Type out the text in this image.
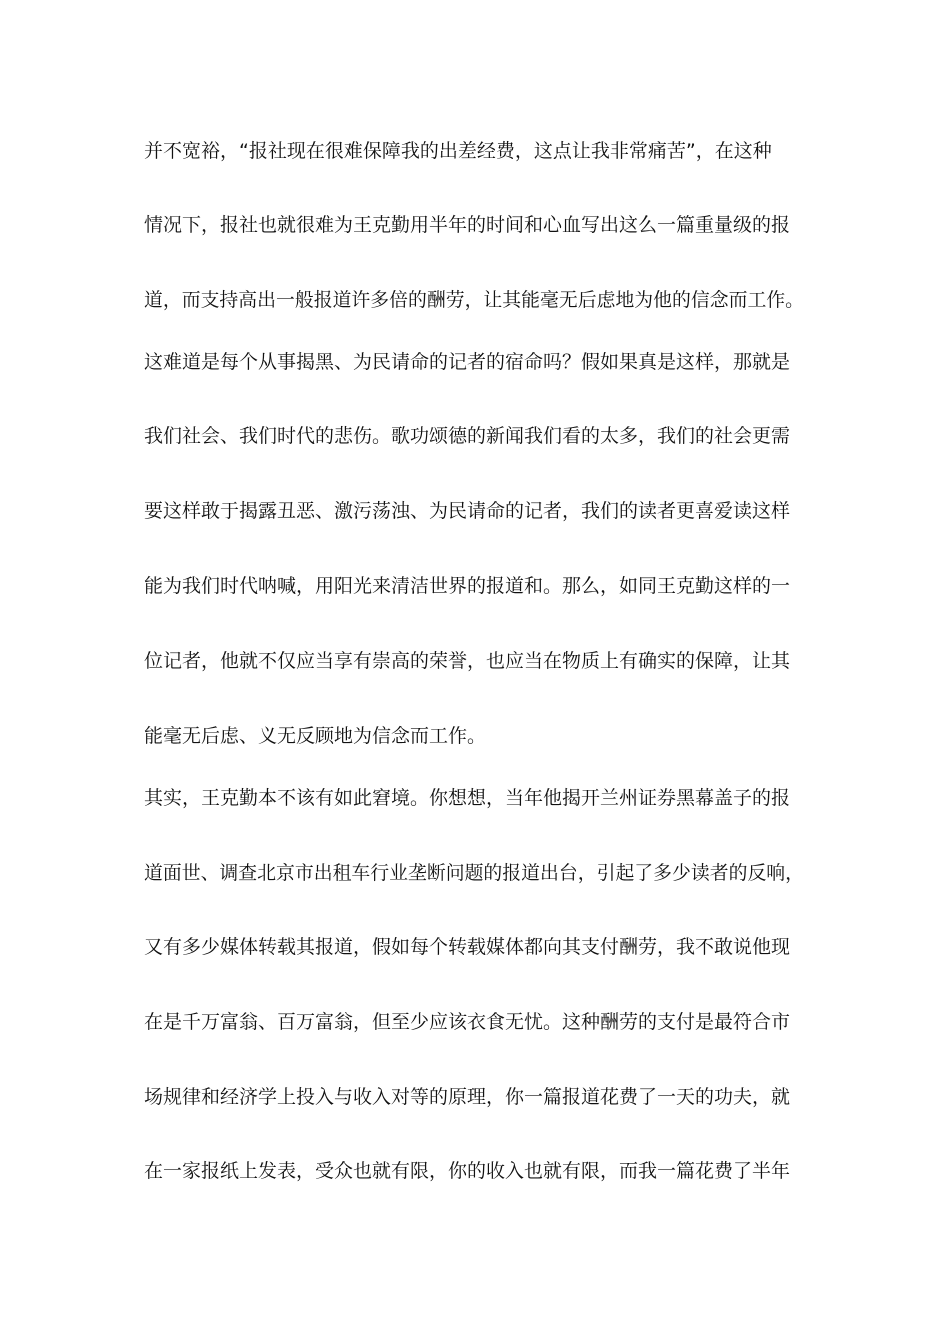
并不宽裕，“报社现在很难保障我的出差经费，这点让我非常痛苦”，在这种
情况下，报社也就很难为王克勤用半年的时间和心血写出这么一篇重量级的报
道，而支持高出一般报道许多倍的酬劳，让其能毫无后虑地为他的信念而工作。
这难道是每个从事揭黑、为民请命的记者的宿命吗？假如果真是这样，那就是
我们社会、我们时代的悲伤。歌功颂德的新闻我们看的太多，我们的社会更需
要这样敢于揭露丑恶、激污荡浊、为民请命的记者，我们的读者更喜爱读这样
能为我们时代呐喊，用阳光来清洁世界的报道和。那么，如同王克勤这样的一
位记者，他就不仅应当享有崇高的荣誉，也应当在物质上有确实的保障，让其
能毫无后虑、义无反顾地为信念而工作。
其实，王克勤本不该有如此窘境。你想想，当年他揭开兰州证券黑幕盖子的报
道面世、调查北京市出租车行业垄断问题的报道出台，引起了多少读者的反响，
又有多少媒体转载其报道，假如每个转载媒体都向其支付酬劳，我不敢说他现
在是千万富翁、百万富翁，但至少应该衣食无忧。这种酬劳的支付是最符合市
场规律和经济学上投入与收入对等的原理，你一篇报道花费了一天的功夫，就
在一家报纸上发表，受众也就有限，你的收入也就有限，而我一篇花费了半年
